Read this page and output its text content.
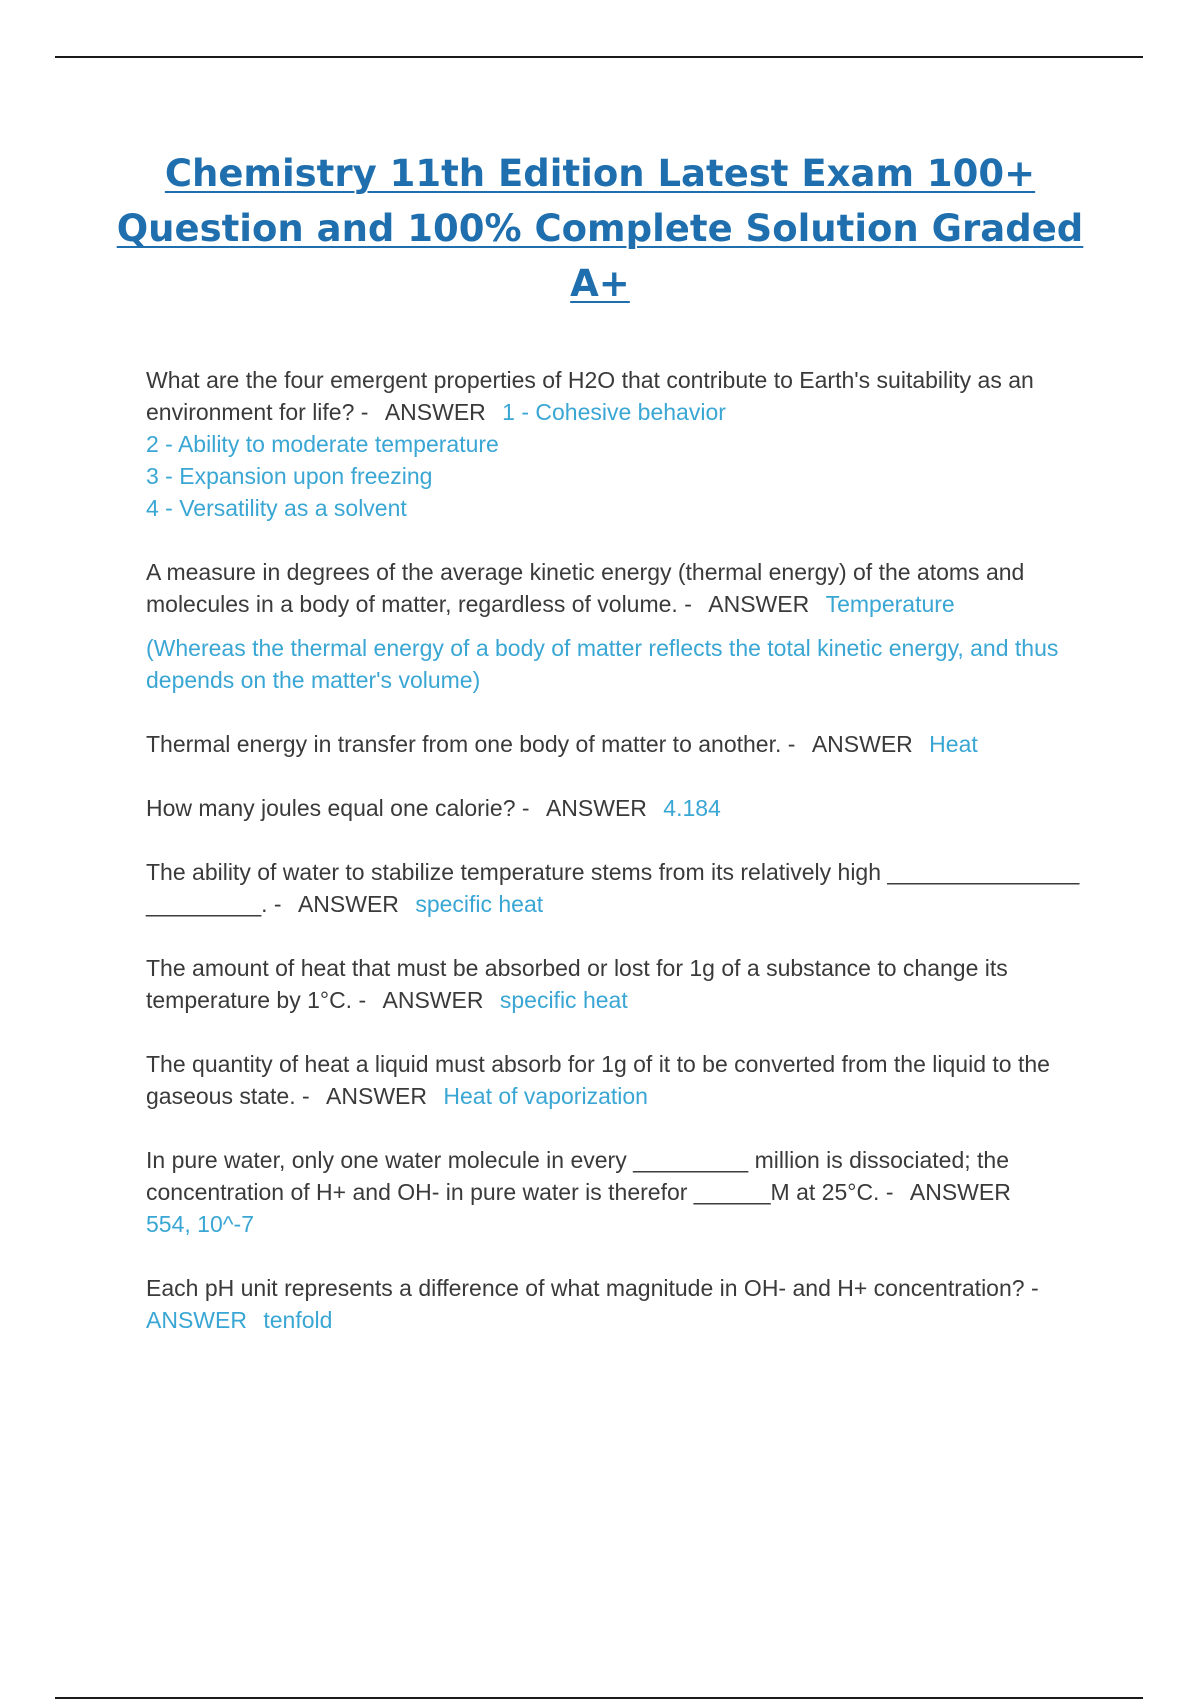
Chemistry 11th Edition Latest Exam 100+
Question and 100% Complete Solution Graded
A+
What are the four emergent properties of H2O that contribute to Earth's suitability as an environment for life? - ANSWER 1 - Cohesive behavior
2 - Ability to moderate temperature
3 - Expansion upon freezing
4 - Versatility as a solvent
A measure in degrees of the average kinetic energy (thermal energy) of the atoms and molecules in a body of matter, regardless of volume. - ANSWER Temperature
(Whereas the thermal energy of a body of matter reflects the total kinetic energy, and thus depends on the matter's volume)
Thermal energy in transfer from one body of matter to another. - ANSWER Heat
How many joules equal one calorie? - ANSWER 4.184
The ability of water to stabilize temperature stems from its relatively high _______________ _________. - ANSWER specific heat
The amount of heat that must be absorbed or lost for 1g of a substance to change its temperature by 1°C. - ANSWER specific heat
The quantity of heat a liquid must absorb for 1g of it to be converted from the liquid to the gaseous state. - ANSWER Heat of vaporization
In pure water, only one water molecule in every _________ million is dissociated; the concentration of H+ and OH- in pure water is therefor ______M at 25°C. - ANSWER
554, 10^-7
Each pH unit represents a difference of what magnitude in OH- and H+ concentration? -
ANSWER tenfold
